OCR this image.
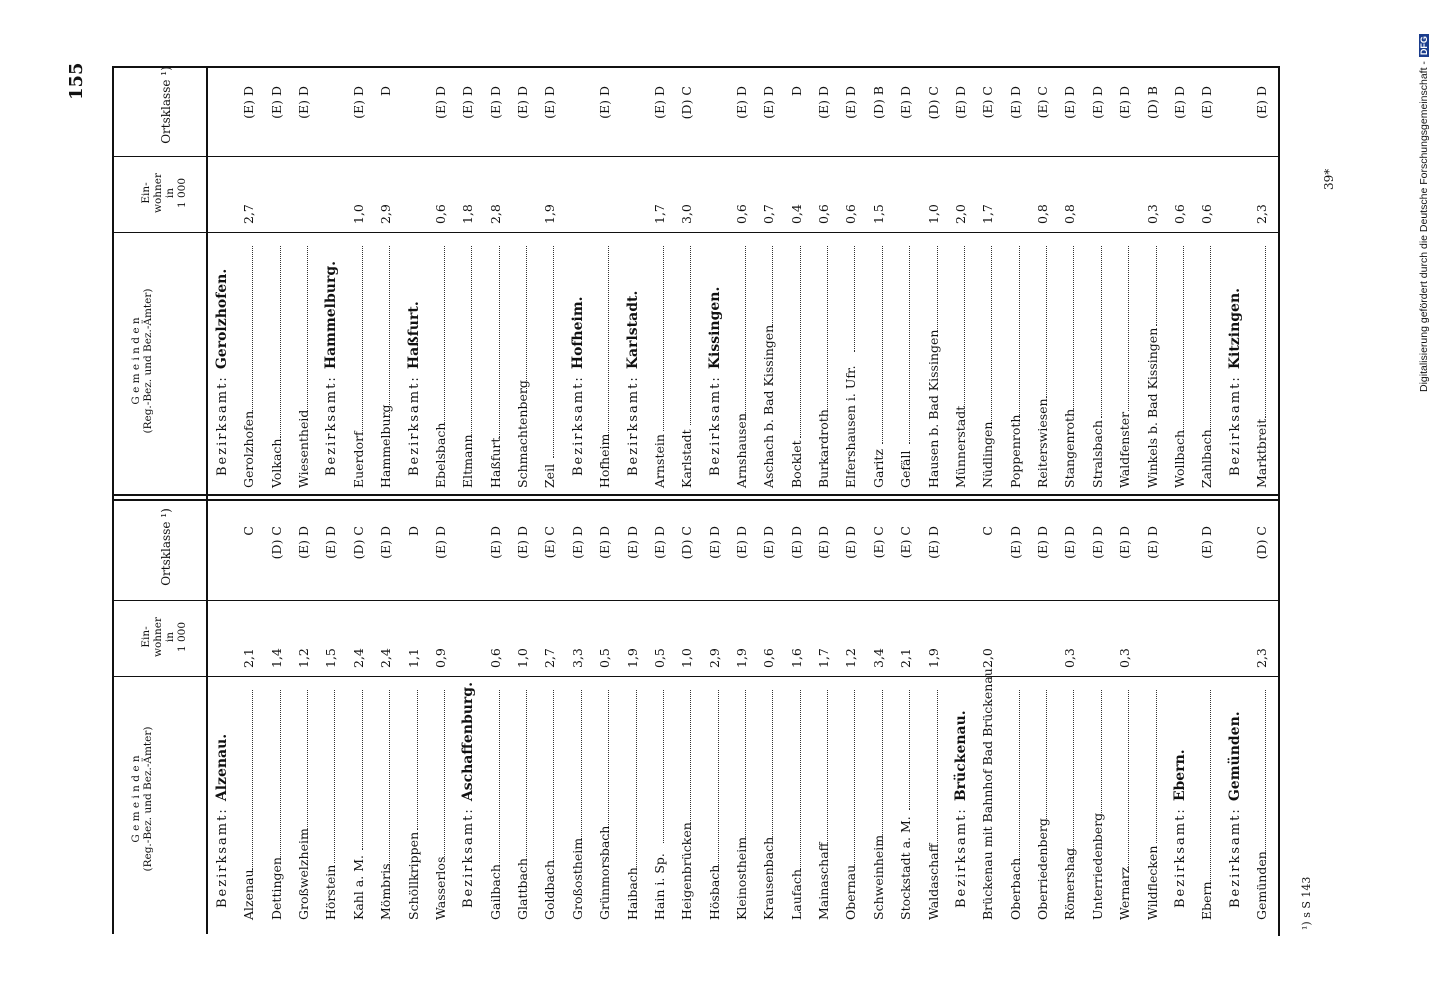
G e m e i n d e n (Reg.-Bez. und Bez.-Ämter)
Ein- wohner in 1 000
Ortsklasse ¹)
G e m e i n d e n (Reg.-Bez. und Bez.-Ämter)
Ein- wohner in 1 000
Ortsklasse ¹)
Bezirksamt: Alzenau.
Alzenau
2,1
C
Dettingen
1,4
(D) C
Großwelzheim
1,2
(E) D
Hörstein
1,5
(E) D
Kahl a. M.
2,4
(D) C
Mömbris
2,4
(E) D
Schöllkrippen
1,1
D
Wasserlos
0,9
(E) D
Bezirksamt: Aschaffenburg.
Gailbach
0,6
(E) D
Glattbach
1,0
(E) D
Goldbach
2,7
(E) C
Großostheim
3,3
(E) D
Grünmorsbach
0,5
(E) D
Haibach
1,9
(E) D
Hain i. Sp.
0,5
(E) D
Heigenbrücken
1,0
(D) C
Hösbach
2,9
(E) D
Kleinostheim
1,9
(E) D
Krausenbach
0,6
(E) D
Laufach
1,6
(E) D
Mainaschaff
1,7
(E) D
Obernau
1,2
(E) D
Schweinheim
3,4
(E) C
Stockstadt a. M.
2,1
(E) C
Waldaschaff
1,9
(E) D
Bezirksamt: Brückenau. Brückenau mit Bahnhof Bad Brückenau
2,0
C
Oberbach
(E) D
Oberriedenberg
(E) D
Römershag
0,3
(E) D
Unterriedenberg
(E) D
Wernarz
0,3
(E) D
Wildflecken
(E) D
Bezirksamt: Ebern.
Ebern
(E) D
Bezirksamt: Gemünden.
Gemünden
2,3
(D) C
Bezirksamt: Gerolzhofen.
Gerolzhofen
2,7
(E) D
Volkach
(E) D
Wiesentheid
(E) D
Bezirksamt: Hammelburg.
Euerdorf
1,0
(E) D
Hammelburg
2,9
D
Bezirksamt: Haßfurt.
Ebelsbach
0,6
(E) D
Eltmann
1,8
(E) D
Haßfurt
2,8
(E) D
Schmachtenberg
(E) D
Zeil
1,9
(E) D
Bezirksamt: Hofheim.
Hofheim
(E) D
Bezirksamt: Karlstadt.
Arnstein
1,7
(E) D
Karlstadt
3,0
(D) C
Bezirksamt: Kissingen.
Arnshausen
0,6
(E) D
Aschach b. Bad Kissingen
0,7
(E) D
Bocklet
0,4
D
Burkardroth
0,6
(E) D
Elfershausen i. Ufr.
0,6
(E) D
Garitz
1,5
(D) B
Gefäll
(E) D
Hausen b. Bad Kissingen
1,0
(D) C
Münnerstadt
2,0
(E) D
Nüdlingen
1,7
(E) C
Poppenroth
(E) D
Reiterswiesen
0,8
(E) C
Stangenroth
0,8
(E) D
Stralsbach
(E) D
Waldfenster
(E) D
Winkels b. Bad Kissingen
0,3
(D) B
Wollbach
0,6
(E) D
Zahlbach
0,6
(E) D
Bezirksamt: Kitzingen.
Marktbreit
2,3
(E) D
155
39*
¹) s S 143
Digitalisierung gefördert durch die Deutsche Forschungsgemeinschaft -DFG
